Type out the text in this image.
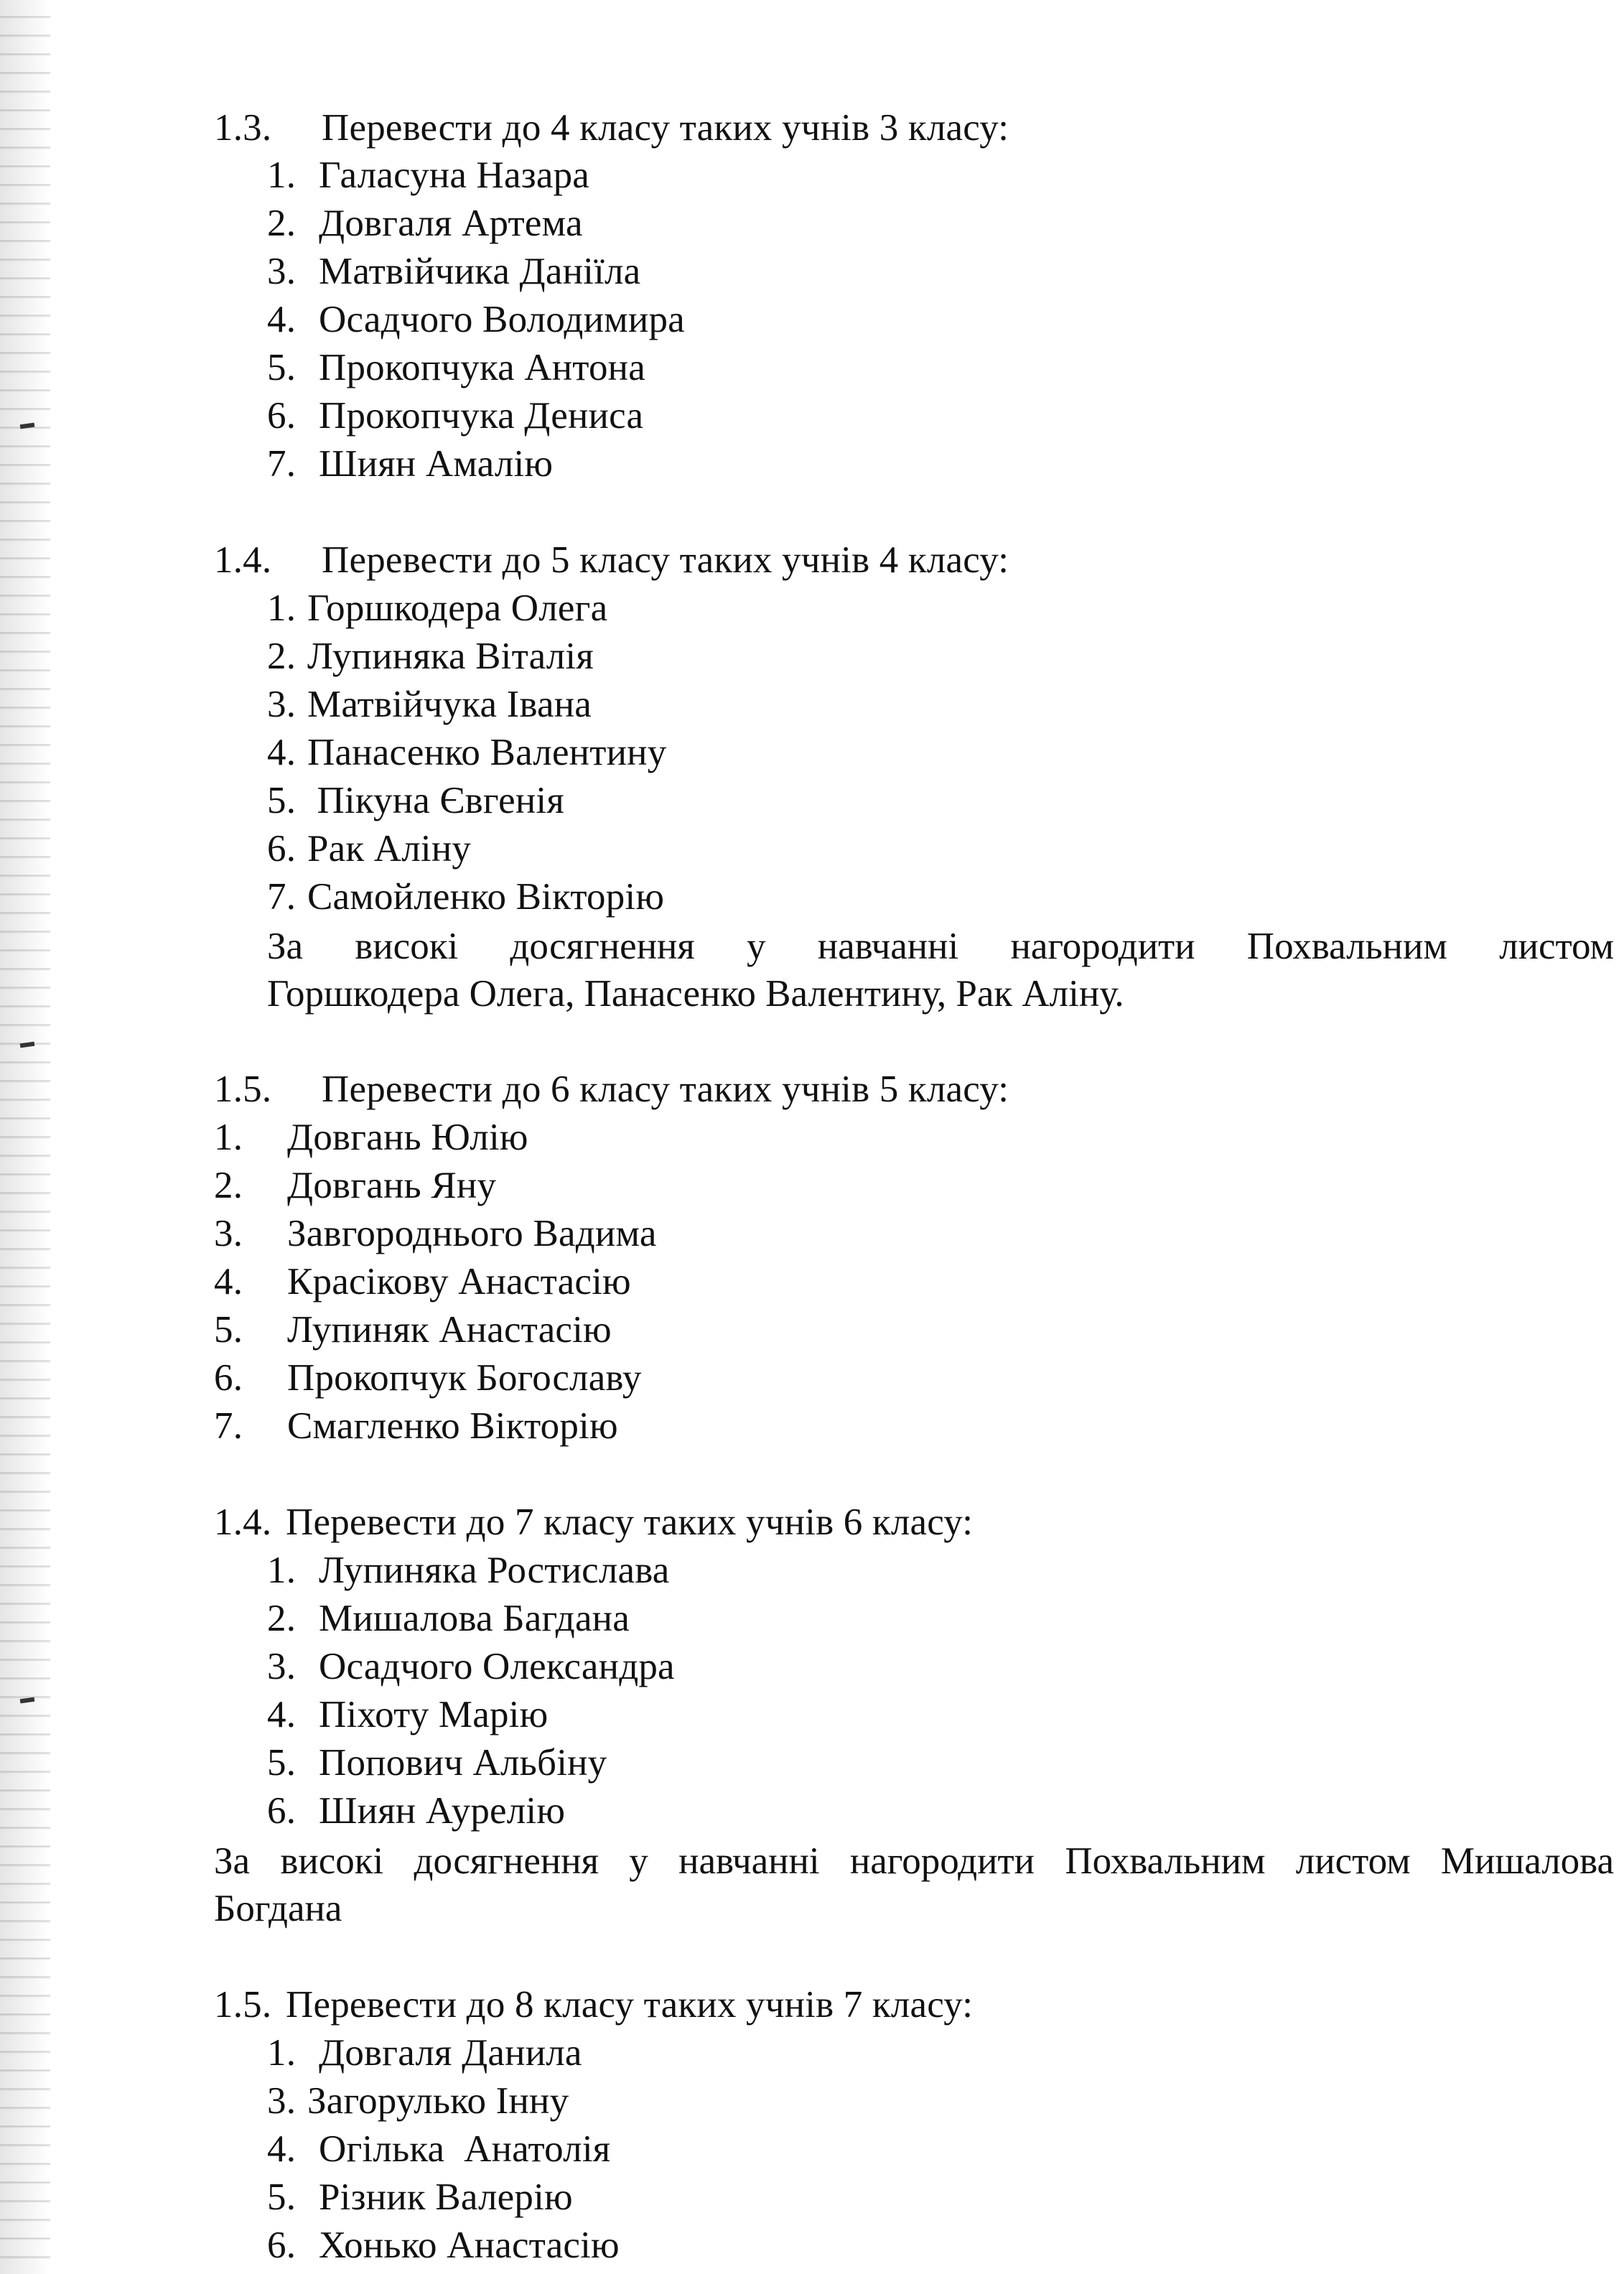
1.3. Перевести до 4 класу таких учнів 3 класу:
1. Галасуна Назара
2. Довгаля Артема
3. Матвійчика Даніїла
4. Осадчого Володимира
5. Прокопчука Антона
6. Прокопчука Дениса
7. Шиян Амалію
1.4. Перевести до 5 класу таких учнів 4 класу:
1. Горшкодера Олега
2. Лупиняка Віталія
3. Матвійчука Івана
4. Панасенко Валентину
5. Пікуна Євгенія
6. Рак Аліну
7. Самойленко Вікторію
За високі досягнення у навчанні нагородити Похвальним листом
Горшкодера Олега, Панасенко Валентину, Рак Аліну.
1.5. Перевести до 6 класу таких учнів 5 класу:
1. Довгань Юлію
2. Довгань Яну
3. Завгороднього Вадима
4. Красікову Анастасію
5. Лупиняк Анастасію
6. Прокопчук Богославу
7. Смагленко Вікторію
1.4. Перевести до 7 класу таких учнів 6 класу:
1. Лупиняка Ростислава
2. Мишалова Багдана
3. Осадчого Олександра
4. Піхоту Марію
5. Попович Альбіну
6. Шиян Аурелію
За високі досягнення у навчанні нагородити Похвальним листом Мишалова
Богдана
1.5. Перевести до 8 класу таких учнів 7 класу:
1. Довгаля Данила
3. Загорулько Інну
4. Огілька  Анатолія
5. Різник Валерію
6. Хонько Анастасію
